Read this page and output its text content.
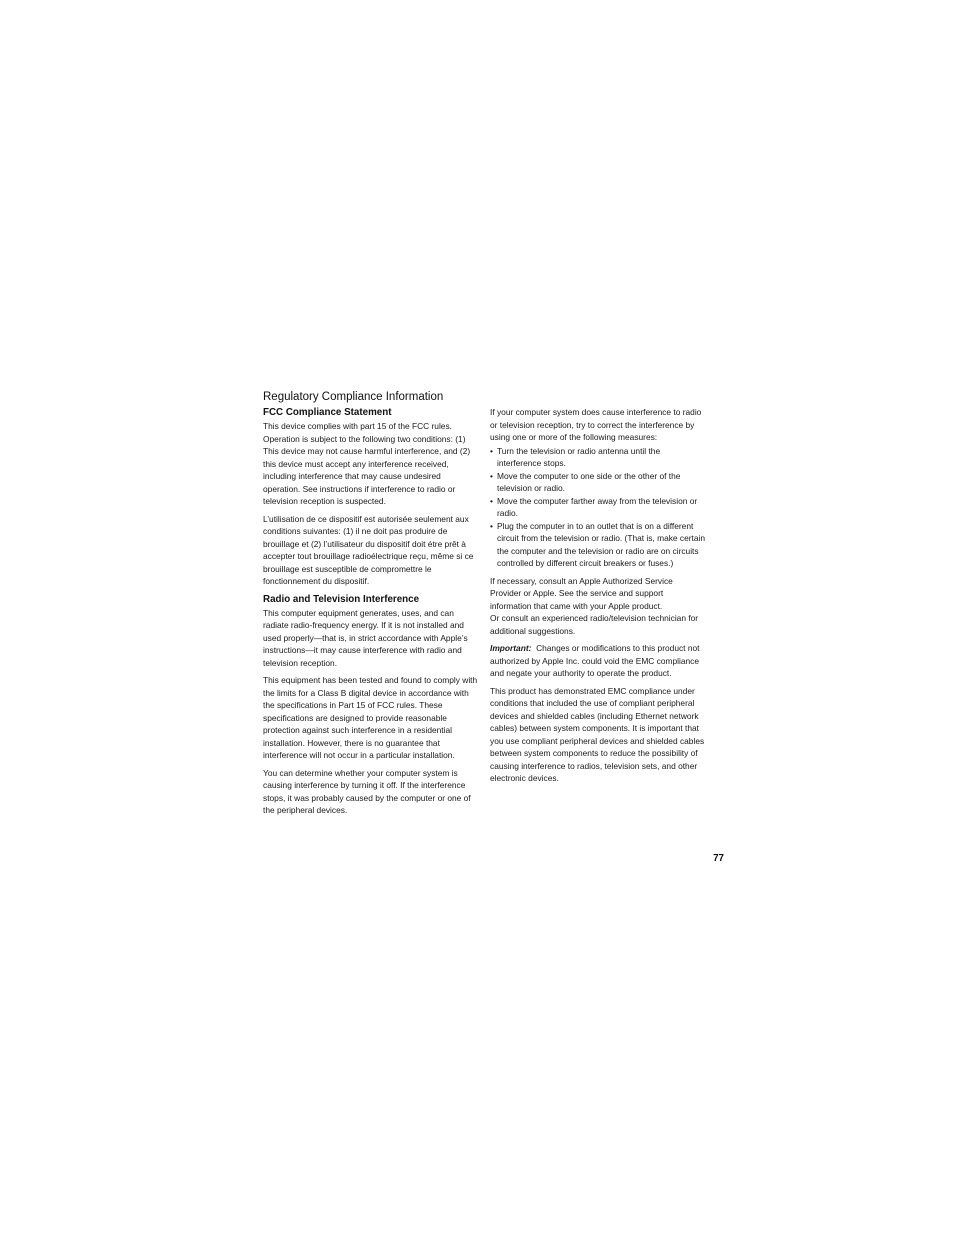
Regulatory Compliance Information
FCC Compliance Statement

This device complies with part 15 of the FCC rules. Operation is subject to the following two conditions: (1) This device may not cause harmful interference, and (2) this device must accept any interference received, including interference that may cause undesired operation. See instructions if interference to radio or television reception is suspected.

L’utilisation de ce dispositif est autorisée seulement aux conditions suivantes: (1) il ne doit pas produire de brouillage et (2) l’utilisateur du dispositif doit étre prêt à accepter tout brouillage radioélectrique reçu, même si ce brouillage est susceptible de compromettre le fonctionnement du dispositif.

Radio and Television Interference

This computer equipment generates, uses, and can radiate radio-frequency energy. If it is not installed and used properly—that is, in strict accordance with Apple’s instructions—it may cause interference with radio and television reception.

This equipment has been tested and found to comply with the limits for a Class B digital device in accordance with the specifications in Part 15 of FCC rules. These specifications are designed to provide reasonable protection against such interference in a residential installation. However, there is no guarantee that interference will not occur in a particular installation.

You can determine whether your computer system is causing interference by turning it off. If the interference stops, it was probably caused by the computer or one of the peripheral devices.

If your computer system does cause interference to radio or television reception, try to correct the interference by using one or more of the following measures:

• Turn the television or radio antenna until the interference stops.
• Move the computer to one side or the other of the television or radio.
• Move the computer farther away from the television or radio.
• Plug the computer in to an outlet that is on a different circuit from the television or radio. (That is, make certain the computer and the television or radio are on circuits controlled by different circuit breakers or fuses.)

If necessary, consult an Apple Authorized Service Provider or Apple. See the service and support information that came with your Apple product.

Or consult an experienced radio/television technician for additional suggestions.

Important: Changes or modifications to this product not authorized by Apple Inc. could void the EMC compliance and negate your authority to operate the product.

This product has demonstrated EMC compliance under conditions that included the use of compliant peripheral devices and shielded cables (including Ethernet network cables) between system components. It is important that you use compliant peripheral devices and shielded cables between system components to reduce the possibility of causing interference to radios, television sets, and other electronic devices.

77
